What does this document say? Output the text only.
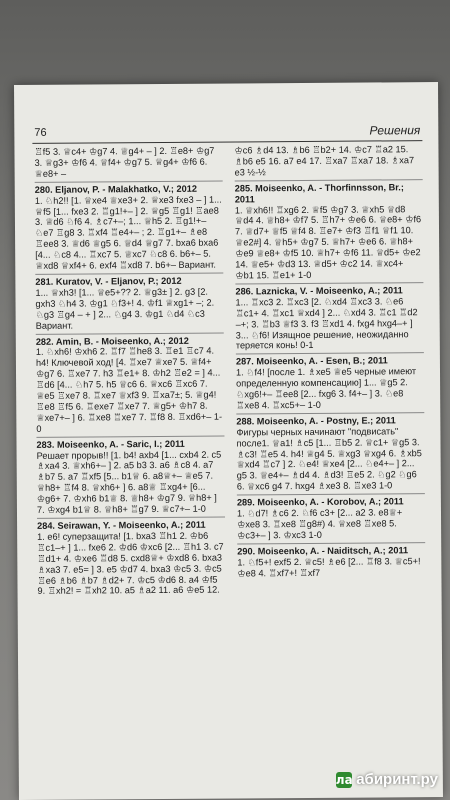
76	Решения
♖f5 3. ♕c4+ ♔g7 4. ♕g4+ – ] 2. ♖e8+ ♔g7 3. ♕g3+ ♔f6 4. ♕f4+ ♔g7 5. ♕g4+ ♔f6 6. ♕e8+ –
280. Eljanov, P. - Malakhatko, V.; 2012
1. ♘h2!! [1. ♕xe4 ♕xe3+ 2. ♕xe3 fxe3 – ] 1... ♕f5 [1... fxe3 2. ♖g1!+– ] 2. ♕g5 ♖g1! ♖ae8 3. ♕d6 ♘f6 4. ♗c7+–; 1... ♕h5 2. ♖g1!+– ♘e7 ♖g8 3. ♖xf4 ♖e4+– ; 2. ♖g1+– ♗e8 ♖ee8 3. ♕d6 ♕g5 6. ♕d4 ♕g7 7. bxa6 bxa6 [4... ♘c8 4... ♖xc7 5. ♕xc7 ♘c8 6. b6+– 5. ♕xd8 ♕xf4+ 6. exf4 ♖xd8 7. b6+– Вариант.
281. Kuratov, V. - Eljanov, P.; 2012
1... ♕xh3! [1... ♕e5+?? 2. ♕g3± ] 2. g3 [2. gxh3 ♘h4 3. ♔g1 ♘f3+! 4. ♔f1 ♕xg1+ –; 2. ♘g3 ♖g4 – + ] 2... ♘g4 3. ♔g1 ♘d4 ♘c3 Вариант.
282. Amin, B. - Moiseenko, A.; 2012
1. ♘xh6! ♔xh6 2. ♖f7 ♖he8 3. ♖e1 ♖c7 4. h4! Ключевой ход! [4. ♖xe7 ♕xe7 5. ♕f4+ ♔g7 6. ♖xe7 7. h3 ♖e1+ 8. ♔h2 ♖e2 = ] 4... ♖d6 [4... ♘h7 5. h5 ♕c6 6. ♕xc6 ♖xc6 7. ♕e5 ♖xe7 8. ♖xe7 ♕xf3 9. ♖xa7±; 5. ♕g4! ♖e8 ♖f5 6. ♖exe7 ♖xe7 7. ♕g5+ ♔h7 8. ♕xe7+– ] 6. ♖xe8 ♖xe7 7. ♖f8 8. ♖xd6+– 1-0
283. Moiseenko, A. - Saric, I.; 2011
Решает прорыв!! [1. b4! axb4 [1... cxb4 2. c5 ♗xa4 3. ♕xh6+– ] 2. a5 b3 3. a6 ♗c8 4. a7 ♗b7 5. a7 ♖xf5 [5... b1♕ 6. a8♕+– ♕e5 7. ♕h8+ ♖f4 8. ♕xh6+ ] 6. a8♕ ♖xg4+ [6... ♔g6+ 7. ♔xh6 b1♕ 8. ♕h8+ ♔g7 9. ♕h8+ ] 7. ♔xg4 b1♕ 8. ♕h8+ ♖g7 9. ♕c7+– 1-0
284. Seirawan, Y. - Moiseenko, A.; 2011
1. e6! суперзащита! [1. bxa3 ♖h1 2. ♔b6 ♖c1–+ ] 1... fxe6 2. ♔d6 ♔xc6 [2... ♖h1 3. c7 ♖d1+ 4. ♔xe6 ♖d8 5. cxd8♕+ ♔xd8 6. bxa3 ♗xa3 7. e5= ] 3. e5 ♔d7 4. bxa3 ♔c5 3. ♔c5 ♖e6 ♗b6 ♗b7 ♗d2+ 7. ♔c5 ♔d6 8. a4 ♔f5 9. ♖xh2! = ♖xh2 10. a5 ♗a2 11. a6 ♔e5 12.
♔c6 ♗d4 13. ♗b6 ♖b2+ 14. ♔c7 ♖a2 15. ♗b6 e5 16. a7 e4 17. ♖xa7 ♖xa7 18. ♗xa7 e3 ½-½
285. Moiseenko, A. - Thorfinnsson, Br.; 2011
1. ♕xh6!! ♖xg6 2. ♕f5 ♔g7 3. ♕xh5 ♕d8 ♕d4 4. ♕h8+ ♔f7 5. ♖h7+ ♔e6 6. ♕e8+ ♔f6 7. ♕d7+ ♕f5 ♕f4 8. ♖e7+ ♔f3 ♖f1 ♕f1 10. ♕e2#] 4. ♕h5+ ♔g7 5. ♕h7+ ♔e6 6. ♕h8+ ♔e9 ♕e8+ ♔f5 10. ♕h7+ ♔f6 11. ♕d5+ ♔e2 14. ♕e5+ ♔d3 13. ♕d5+ ♔c2 14. ♕xc4+ ♔b1 15. ♖e1+ 1-0
286. Laznicka, V. - Moiseenko, A.; 2011
1... ♖xc3 2. ♖xc3 [2. ♘xd4 ♖xc3 3. ♘e6 ♖c1+ 4. ♖xc1 ♕xd4 ] 2... ♘xd4 3. ♖c1 ♖d2 –+; 3. ♖b3 ♕f3 3. f3 ♖xd1 4. fxg4 hxg4–+ ] 3... ♘f6! Изящное решение, неожиданно теряется конь! 0-1
287. Moiseenko, A. - Esen, B.; 2011
1. ♘f4! [после 1. ♗xe5 ♕e5 черные имеют определенную компенсацию] 1... ♕g5 2. ♘xg6!+– ♖ee8 [2... fxg6 3. f4+– ] 3. ♘e8 ♖xe8 4. ♖xc5+– 1-0
288. Moiseenko, A. - Postny, E.; 2011
Фигуры черных начинают "подвисать" после1. ♕a1! ♗c5 [1... ♖b5 2. ♕c1+ ♕g5 3. ♗c3! ♖e5 4. h4! ♕g4 5. ♕xg3 ♕xg4 6. ♗xb5 ♕xd4 ♖c7 ] 2. ♘e4! ♕xe4 [2... ♘e4+– ] 2... g5 3. ♕e4+– ♗d4 4. ♗d3! ♖e5 2. ♘g2 ♘g6 6. ♕xc6 g4 7. hxg4 ♗xe3 8. ♖xe3 1-0
289. Moiseenko, A. - Korobov, A.; 2011
1. ♘d7! ♗c6 2. ♘f6 c3+ [2... a2 3. e8♕+ ♔xe8 3. ♖xe8 ♖g8#) 4. ♕xe8 ♖xe8 5. ♔c3+– ] 3. ♔xc3 1-0
290. Moiseenko, A. - Naiditsch, A.; 2011
1. ♘f5+! exf5 2. ♕c5! ♗e6 [2... ♖f8 3. ♕c5+! ♔e8 4. ♖xf7+! ♖xf7
ла абиринт.ру
